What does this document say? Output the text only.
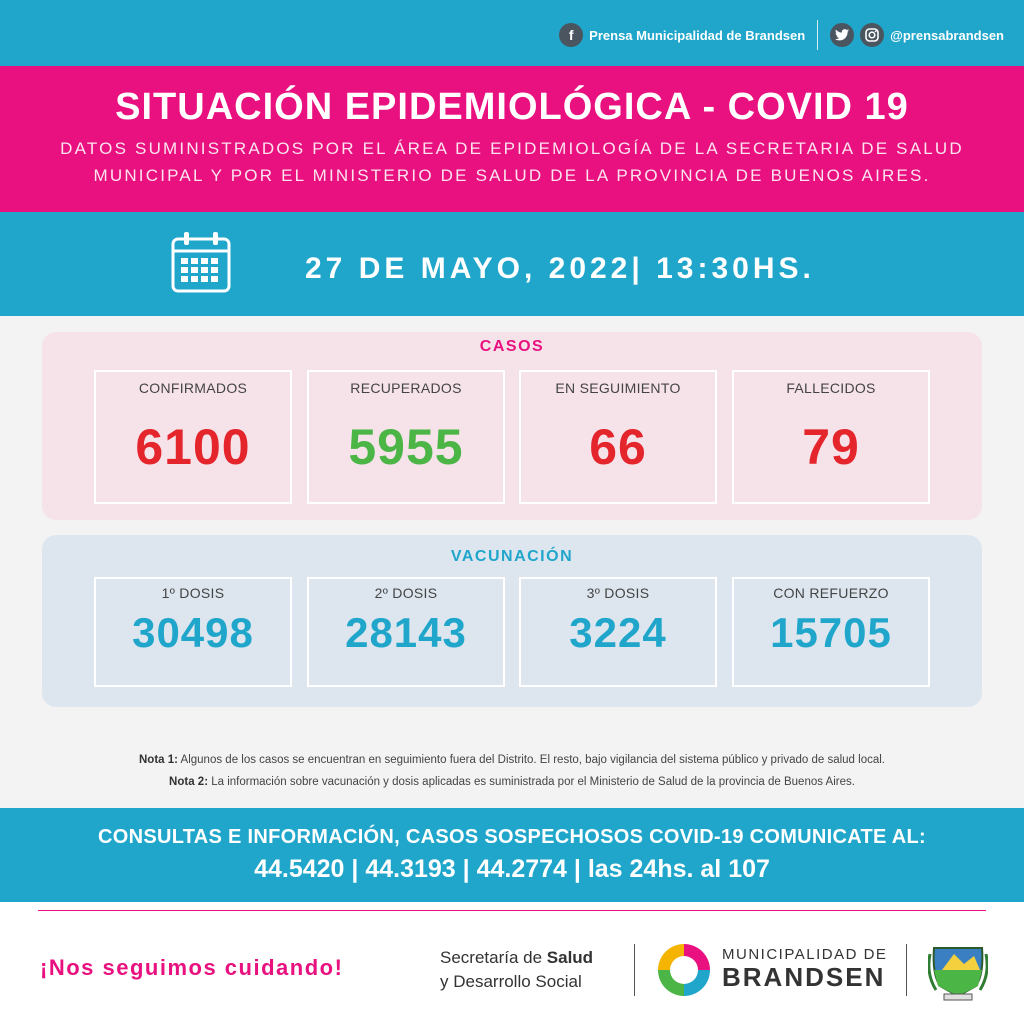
f	Prensa Municipalidad de Brandsen	@prensabrandsen
SITUACIÓN EPIDEMIOLÓGICA - COVID 19
DATOS SUMINISTRADOS POR EL ÁREA DE EPIDEMIOLOGÍA DE LA SECRETARIA DE SALUD
MUNICIPAL Y POR EL MINISTERIO DE SALUD DE LA PROVINCIA DE BUENOS AIRES.
27 DE MAYO, 2022| 13:30HS.
CASOS
CONFIRMADOS
6100
RECUPERADOS
5955
EN SEGUIMIENTO
66
FALLECIDOS
79
VACUNACIÓN
1º DOSIS
30498
2º DOSIS
28143
3º DOSIS
3224
CON REFUERZO
15705
Nota 1: Algunos de los casos se encuentran en seguimiento fuera del Distrito. El resto, bajo vigilancia del sistema público y privado de salud local.
Nota 2: La información sobre vacunación y dosis aplicadas es suministrada por el Ministerio de Salud de la provincia de Buenos Aires.
CONSULTAS E INFORMACIÓN, CASOS SOSPECHOSOS COVID-19 COMUNICATE AL:
44.5420 | 44.3193 | 44.2774 | las 24hs. al 107
¡Nos seguimos cuidando!	Secretaría de Salud
y Desarrollo Social
MUNICIPALIDAD DE
BRANDSEN
